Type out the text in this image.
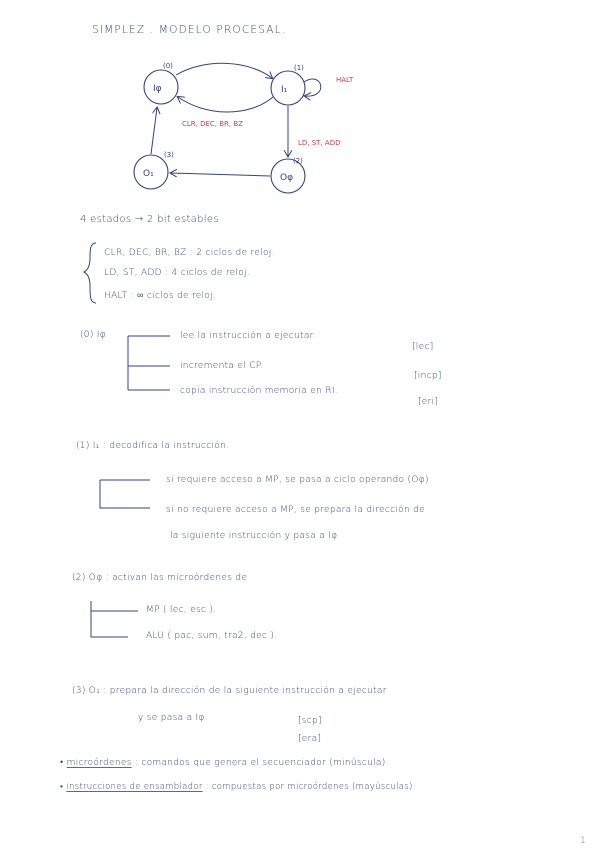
SIMPLEZ . MODELO PROCESAL.
Iφ
(0)
I₁
(1)
Oφ
(2)
O₁
(3)
CLR, DEC, BR, BZ
LD, ST, ADD
HALT
4 estados → 2 bit estables
CLR, DEC, BR, BZ : 2 ciclos de reloj.
LD, ST, ADD : 4 ciclos de reloj.
HALT : ∞ ciclos de reloj.
(0) Iφ	lee la instrucción a ejecutar.
[lec]
incrementa el CP.
[incp]
copia instrucción memoria en RI.
[eri]
(1) I₁ : decodifica la instrucción.
si requiere acceso a MP, se pasa a ciclo operando (Oφ)
si no requiere acceso a MP, se prepara la dirección de
la siguiente instrucción y pasa a Iφ
(2) Oφ : activan las microórdenes de
MP ( lec, esc ).
ALU ( pac, sum, tra2, dec ).
(3) O₁ : prepara la dirección de la siguiente instrucción a ejecutar
y se pasa a Iφ.	[scp]
[era]
• microórdenes : comandos que genera el secuenciador (minúscula).
• instrucciones de ensamblador : compuestas por microórdenes (mayúsculas).
1
